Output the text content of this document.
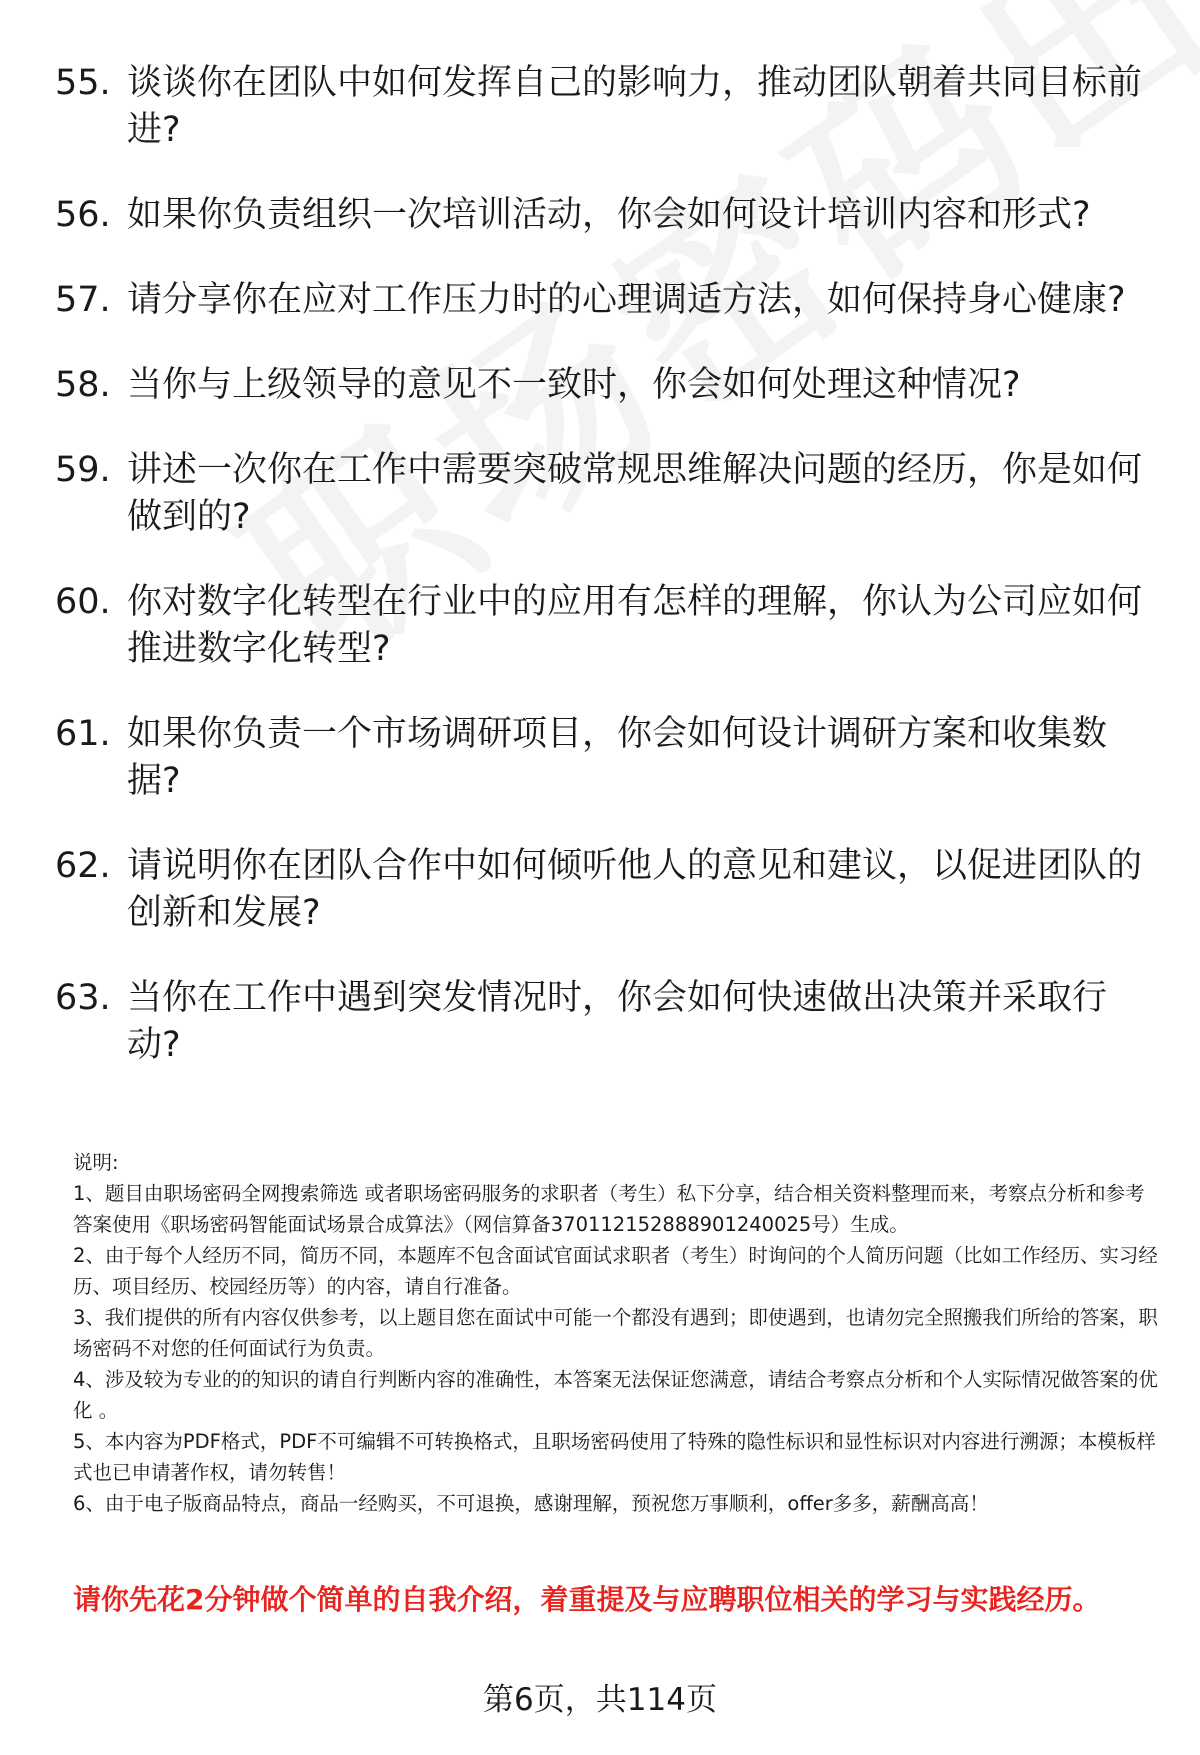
55. 谈谈你在团队中如何发挥自己的影响力，推动团队朝着共同目标前进?
56. 如果你负责组织一次培训活动，你会如何设计培训内容和形式?
57. 请分享你在应对工作压力时的心理调适方法，如何保持身心健康?
58. 当你与上级领导的意见不一致时，你会如何处理这种情况?
59. 讲述一次你在工作中需要突破常规思维解决问题的经历，你是如何做到的?
60. 你对数字化转型在行业中的应用有怎样的理解，你认为公司应如何推进数字化转型?
61. 如果你负责一个市场调研项目，你会如何设计调研方案和收集数据?
62. 请说明你在团队合作中如何倾听他人的意见和建议，以促进团队的创新和发展?
63. 当你在工作中遇到突发情况时，你会如何快速做出决策并采取行动?

说明:

1、题目由职场密码全网搜索筛选 或者职场密码服务的求职者（考生）私下分享，结合相关资料整理而来，考察点分析和参考答案使用《职场密码智能面试场景合成算法》（网信算备370112152888901240025号）生成。

2、由于每个人经历不同，简历不同，本题库不包含面试官面试求职者（考生）时询问的个人简历问题（比如工作经历、实习经历、项目经历、校园经历等）的内容，请自行准备。

3、我们提供的所有内容仅供参考，以上题目您在面试中可能一个都没有遇到；即使遇到，也请勿完全照搬我们所给的答案，职场密码不对您的任何面试行为负责。

4、涉及较为专业的的知识的请自行判断内容的准确性，本答案无法保证您满意，请结合考察点分析和个人实际情况做答案的优化 。

5、本内容为PDF格式，PDF不可编辑不可转换格式，且职场密码使用了特殊的隐性标识和显性标识对内容进行溯源；本模板样式也已申请著作权，请勿转售！

6、由于电子版商品特点，商品一经购买，不可退换，感谢理解，预祝您万事顺利，offer多多，薪酬高高！

请你先花2分钟做个简单的自我介绍，着重提及与应聘职位相关的学习与实践经历。
第6页，共114页
